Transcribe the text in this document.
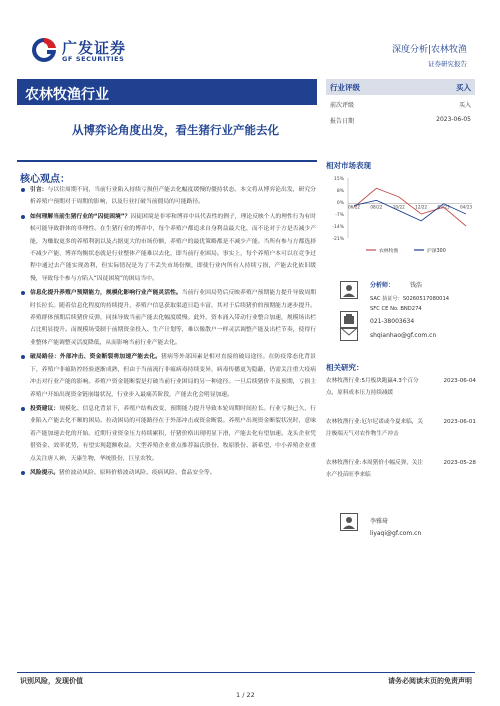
广发证券
GF SECURITIES
深度分析|农林牧渔
证券研究报告
农林牧渔行业
从博弈论角度出发，看生猪行业产能去化
行业评级	买入
前次评级	买入
报告日期	2023-06-05
核心观点：
引言：与以往周期不同，当前行业陷入持续亏损但产能去化幅度缓慢的僵持状态。本文将从博弈论出发，研究分析养殖户预期对于周期的影响，以及行业打破当前僵局的可能路径。
如何理解当前生猪行业的“囚徒困境”？囚徒困境是非零和博弈中具代表性的例子，理论反映个人的理性行为有时候可能导致群体的非理性。在生猪行业的博弈中，每个养殖户都追求自身利益最大化，而不论对于方是否减少产能，为赚取更多的养殖利润以及占据更大的市场份额，养殖户的最优策略都是不减少产能。当所有参与方都选择不减少产能，博弈均衡状态就是行业整体产能难以去化，即当前行业困局。事实上，每个养殖户本可以在竞争过程中通过去产能实现盈利，但实际情况是为了不丢失市场份额，即使行业内所有人持续亏损，产能去化依旧缓慢，导致每个参与方陷入“囚徒困境”的困局当中。
信息化提升养殖户预期能力，规模化影响行业产能灵活性。当前行业因局势后反映养殖户预期能力提升导致周期时长拉长。随着信息化程度的持续提升，养殖户信息获取渠道日趋丰富，其对于后续猪价的预期能力逐步提升。养殖群体预期后续猪价反弹，同抹导致当前产能去化幅度缓慢。此外，资本涌入带动行业整合加速，规模场出栏占比明显提升。而规模场受制于前期资金投入、生产计划等，难以像散户一样灵活调整产能及出栏节奏，使得行业整体产能调整灵活度降低，从而影响当前行业产能去化。
破局路径：外部冲击、资金断裂将加速产能去化。猪病等外部因素是相对直接的破局途径。在防疫常态化背景下，养殖户非瘟防控经验逐渐成熟，但由于当前流行非瘟病毒持续变异，病毒传播更为隐蔽，仍需关注重大疫病冲击对行业产能的影响。养殖户资金链断裂是打破当前行业困局的另一种途径。一旦后续猪价不及预期，亏损主养殖户开始出现资金链崩塌状况，行业步入最痛苦阶段，产能去化会明显加速。
投资建议：规模化、信息化背景下，养殖户结构改变，预期能力提升导致本轮周期时间拉长。行业亏损已久，行业陷入产能去化不顺的困局。拉动困局的可能路径在于外部冲击或资金断裂。养殖户出现资金断裂状况时，意味着产能加速去化的开始。近期行业资金压力持续累积，仔猪价格出现明显下滑，产能去化有望加速。龙头企业凭借资金、效率优势，有望实现超额收益。大型养殖企业重点推荐温氏股份、牧原股份、新希望、中小养殖企业重点关注唐人神，天康生物，华统股份，巨星农牧。
风险提示。猪价波动风险、原料价格波动风险、疫病风险、食品安全等。
相对市场表现
15%
8%
0%
-7%
-14%
-21%
06/22 08/22 10/22 12/22 02/23 04/23
农林牧渔	沪深300
分析师：	钱浩
SAC 执证号：S0260517080014
SFC CE No. BND274
021-38003634
shqianhao@gf.com.cn
相关研究：
农林牧渔行业:5月板块跑赢4.3个百分点，原料成本压力持续减缓
2023-06-04
农林牧渔行业:厄尔尼诺或今夏来临，关注极端天气对农作物生产冲击
2023-06-01
农林牧渔行业:本周猪价小幅反弹，关注水产投苗旺季来临
2023-05-28
李雅琦
liyaqi@gf.com.cn
识别风险，发现价值	请务必阅读末页的免责声明
1 / 22
